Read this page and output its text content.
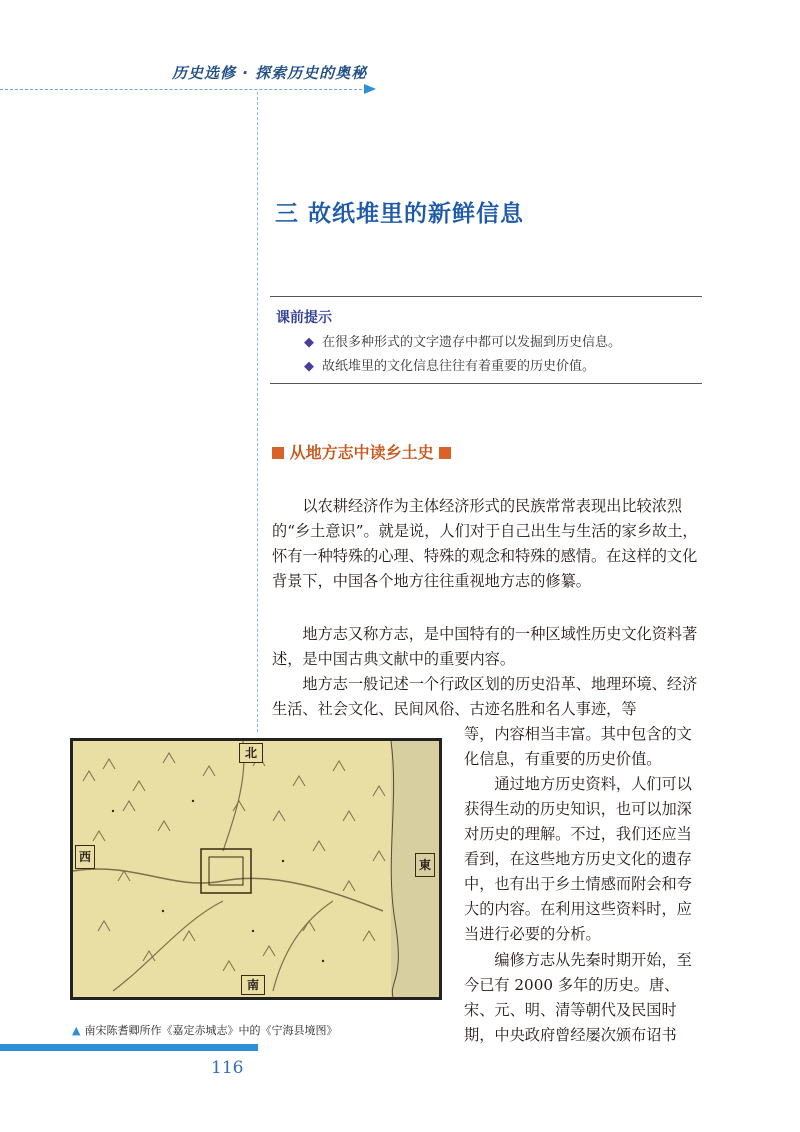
历史选修 · 探索历史的奥秘
三 故纸堆里的新鲜信息
课前提示
◆ 在很多种形式的文字遗存中都可以发掘到历史信息。
◆ 故纸堆里的文化信息往往有着重要的历史价值。
从地方志中读乡土史

以农耕经济作为主体经济形式的民族常常表现出比较浓烈的“乡土意识”。就是说，人们对于自己出生与生活的家乡故土，怀有一种特殊的心理、特殊的观念和特殊的感情。在这样的文化背景下，中国各个地方往往重视地方志的修纂。

地方志又称方志，是中国特有的一种区域性历史文化资料著述，是中国古典文献中的重要内容。

地方志一般记述一个行政区划的历史沿革、地理环境、经济生活、社会文化、民间风俗、古迹名胜和名人事迹，等

等，内容相当丰富。其中包含的文化信息，有重要的历史价值。

通过地方历史资料，人们可以获得生动的历史知识，也可以加深对历史的理解。不过，我们还应当看到，在这些地方历史文化的遗存中，也有出于乡土情感而附会和夸大的内容。在利用这些资料时，应当进行必要的分析。

编修方志从先秦时期开始，至今已有 2000 多年的历史。唐、宋、元、明、清等朝代及民国时期，中央政府曾经屡次颁布诏书

北
南
西
東
▲ 南宋陈耆卿所作《嘉定赤城志》中的《宁海县境图》
116
